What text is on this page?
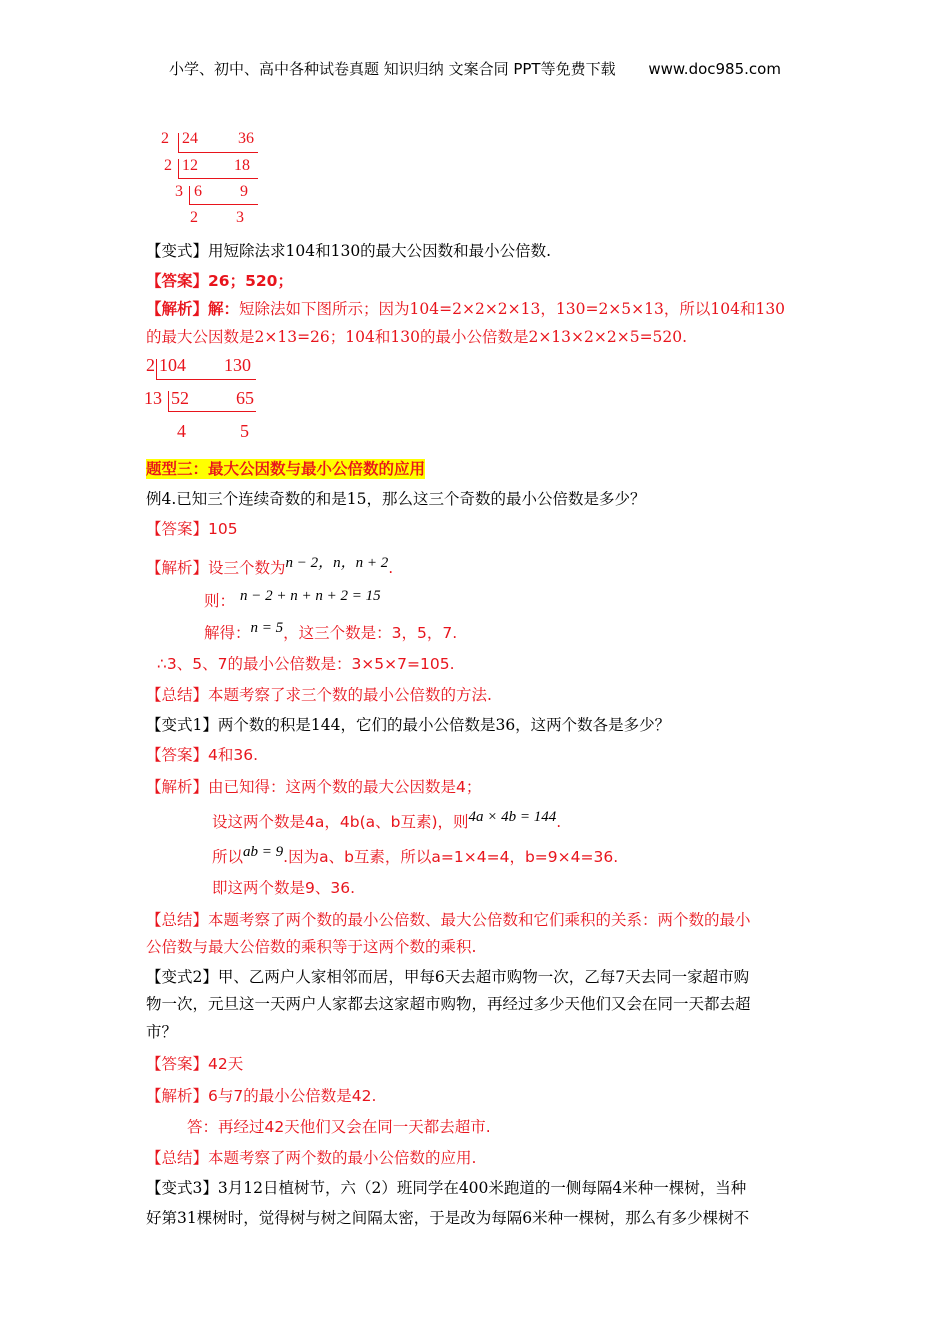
小学、初中、高中各种试卷真题 知识归纳 文案合同 PPT等免费下载 www.doc985.com
2 24	36
2 12 18
3 6 9
2 3
【变式】用短除法求104和130的最大公因数和最小公倍数.
【答案】26；520；
【解析】解：短除法如下图所示；因为104=2×2×2×13，130=2×5×13，所以104和130
的最大公因数是2×13=26；104和130的最小公倍数是2×13×2×2×5=520.
2 104 130
13 52	65
4	5
题型三：最大公因数与最小公倍数的应用
例4.已知三个连续奇数的和是15，那么这三个奇数的最小公倍数是多少？
【答案】105
【解析】设三个数为n − 2，n，n + 2.
则： n − 2 + n + n + 2 = 15
解得：n = 5，这三个数是：3，5，7.
∴3、5、7的最小公倍数是：3×5×7=105.
【总结】本题考察了求三个数的最小公倍数的方法.
【变式1】两个数的积是144，它们的最小公倍数是36，这两个数各是多少？
【答案】4和36.
【解析】由已知得：这两个数的最大公因数是4；
设这两个数是4a，4b(a、b互素)，则4a × 4b = 144.
所以ab = 9.因为a、b互素，所以a=1×4=4，b=9×4=36.
即这两个数是9、36.
【总结】本题考察了两个数的最小公倍数、最大公倍数和它们乘积的关系：两个数的最小
公倍数与最大公倍数的乘积等于这两个数的乘积.
【变式2】甲、乙两户人家相邻而居，甲每6天去超市购物一次，乙每7天去同一家超市购
物一次，元旦这一天两户人家都去这家超市购物，再经过多少天他们又会在同一天都去超
市？
【答案】42天
【解析】6与7的最小公倍数是42.
答：再经过42天他们又会在同一天都去超市.
【总结】本题考察了两个数的最小公倍数的应用.
【变式3】3月12日植树节，六（2）班同学在400米跑道的一侧每隔4米种一棵树，当种
好第31棵树时，觉得树与树之间隔太密，于是改为每隔6米种一棵树，那么有多少棵树不
